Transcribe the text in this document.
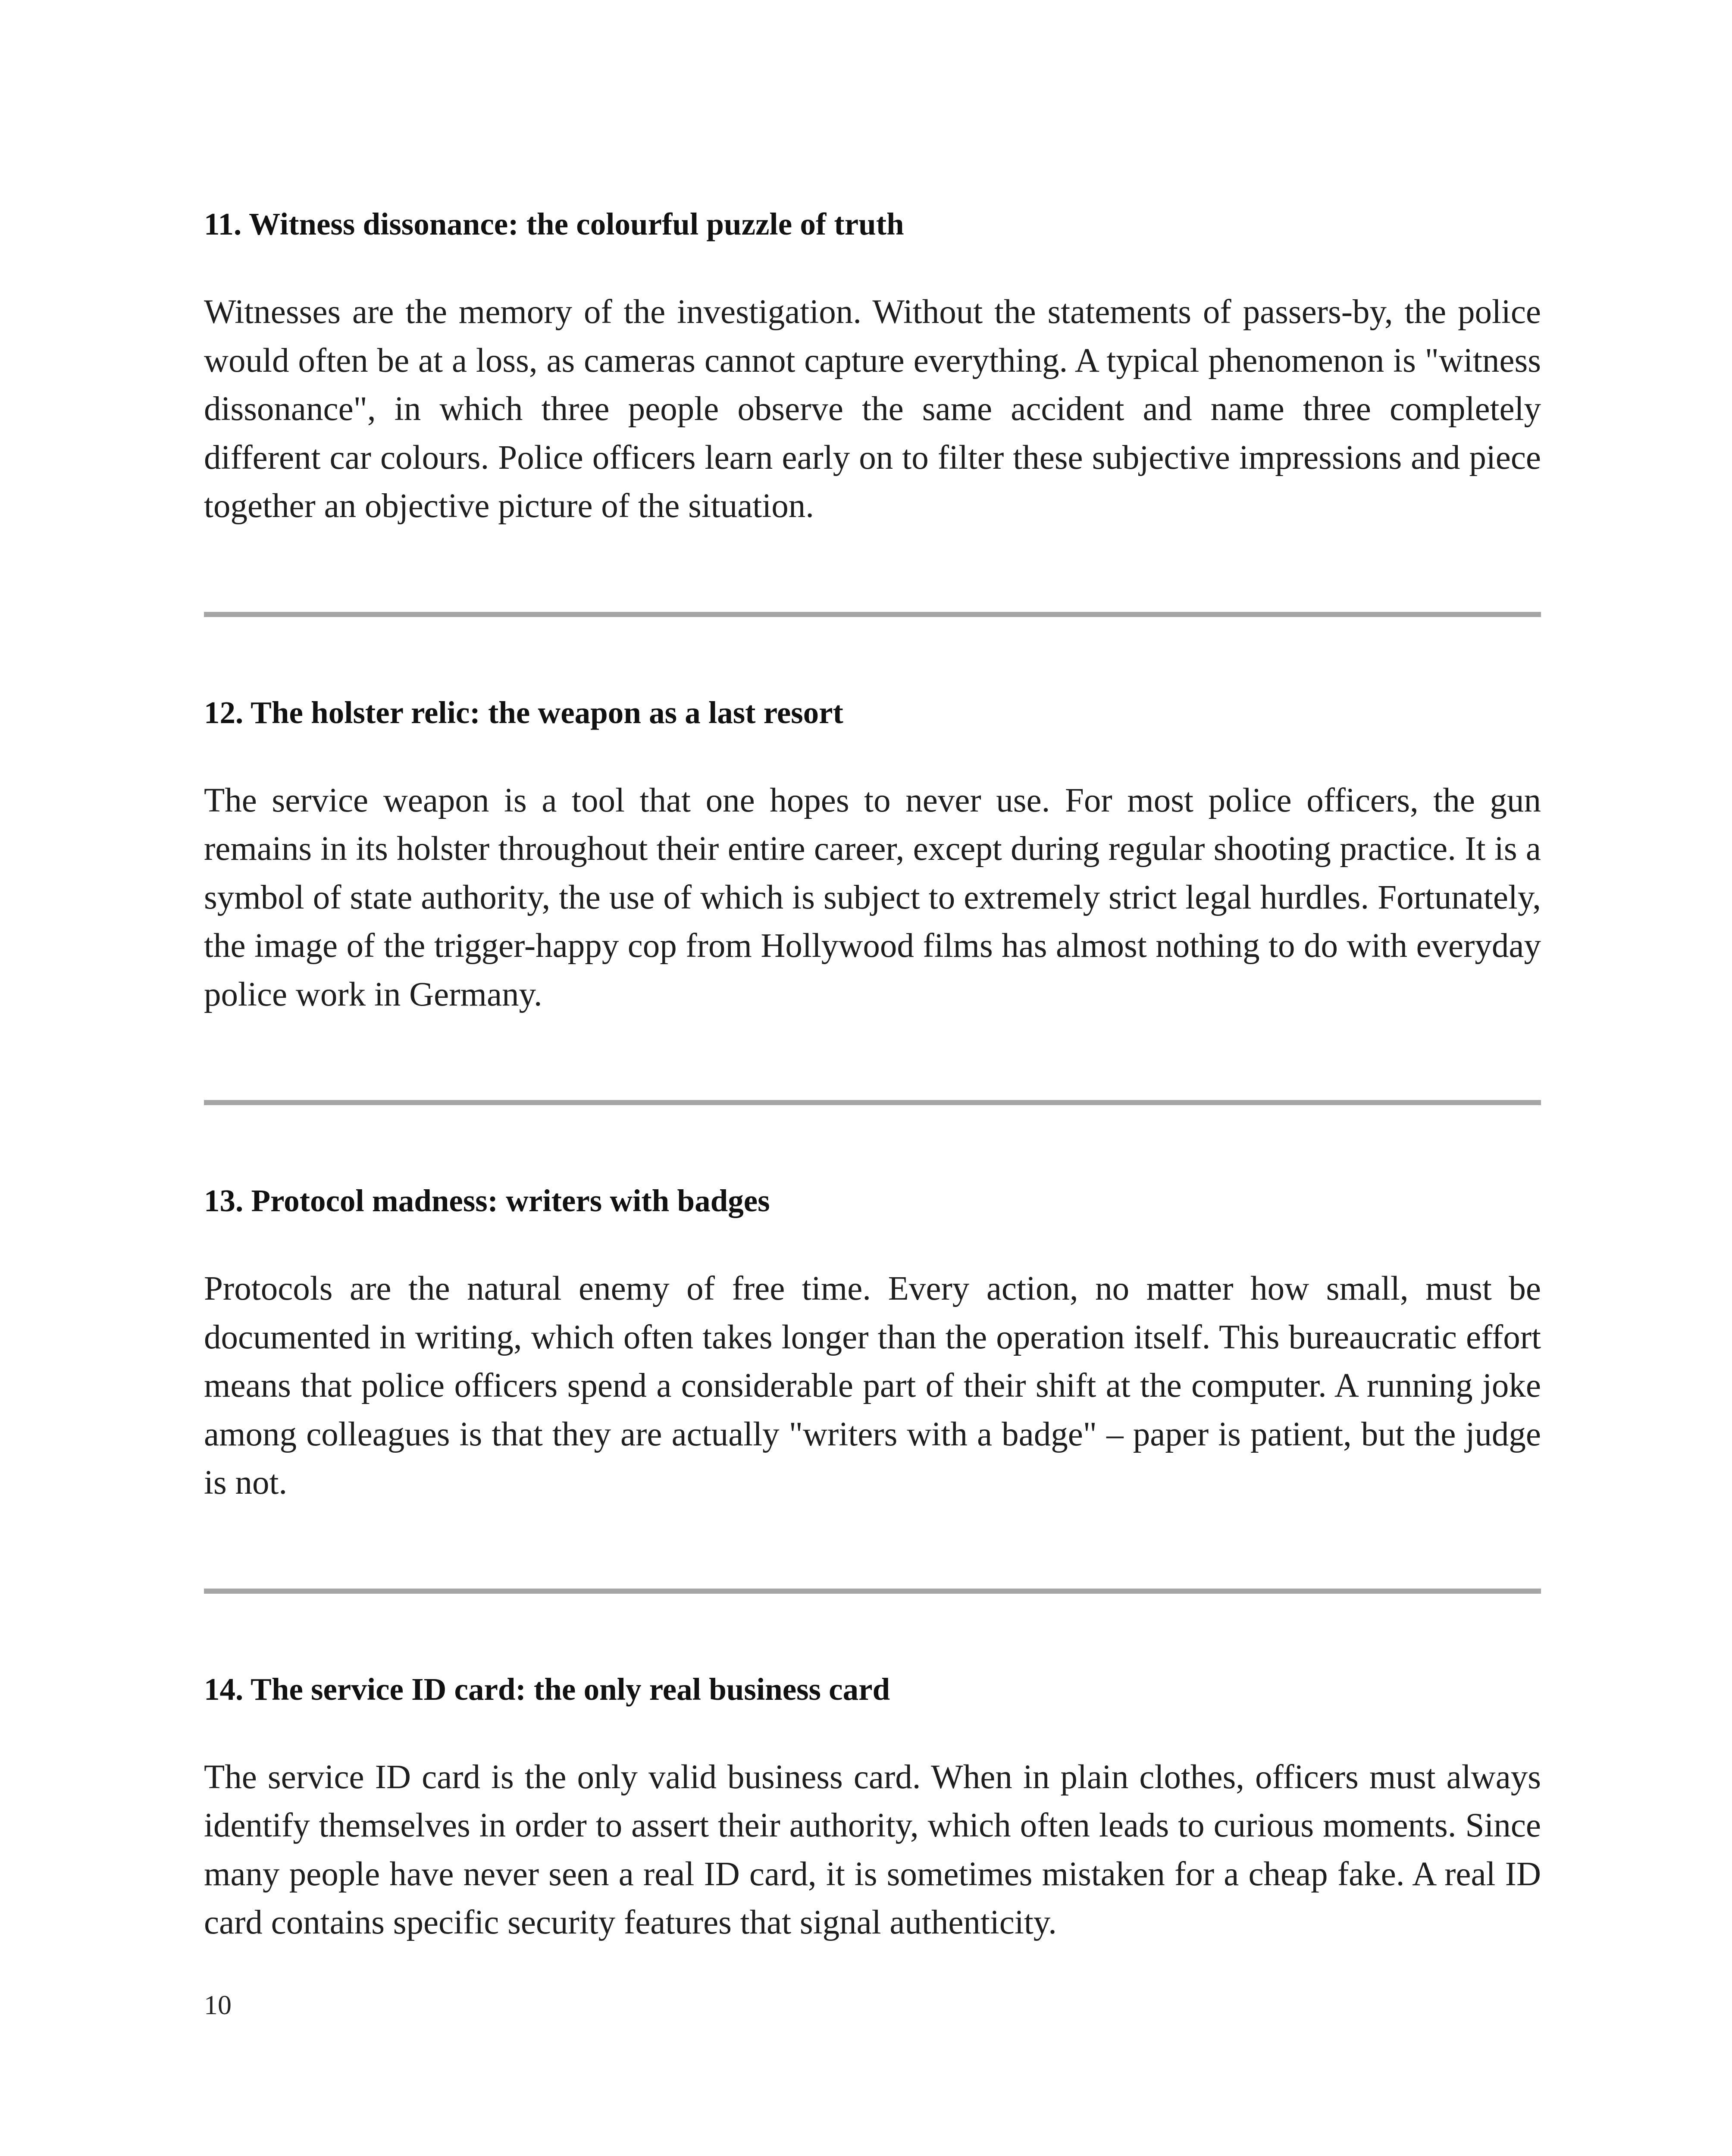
11. Witness dissonance: the colourful puzzle of truth

Witnesses are the memory of the investigation. Without the statements of passers-by, the police would often be at a loss, as cameras cannot capture everything. A typical phenomenon is "witness dissonance", in which three people observe the same accident and name three completely different car colours. Police officers learn early on to filter these subjective impressions and piece together an objective picture of the situation.

12. The holster relic: the weapon as a last resort

The service weapon is a tool that one hopes to never use. For most police officers, the gun remains in its holster throughout their entire career, except during regular shooting practice. It is a symbol of state authority, the use of which is subject to extremely strict legal hurdles. Fortunately, the image of the trigger-happy cop from Hollywood films has almost nothing to do with everyday police work in Germany.

13. Protocol madness: writers with badges

Protocols are the natural enemy of free time. Every action, no matter how small, must be documented in writing, which often takes longer than the operation itself. This bureaucratic effort means that police officers spend a considerable part of their shift at the computer. A running joke among colleagues is that they are actually "writers with a badge" – paper is patient, but the judge is not.

14. The service ID card: the only real business card

The service ID card is the only valid business card. When in plain clothes, officers must always identify themselves in order to assert their authority, which often leads to curious moments. Since many people have never seen a real ID card, it is sometimes mistaken for a cheap fake. A real ID card contains specific security features that signal authenticity.

10
